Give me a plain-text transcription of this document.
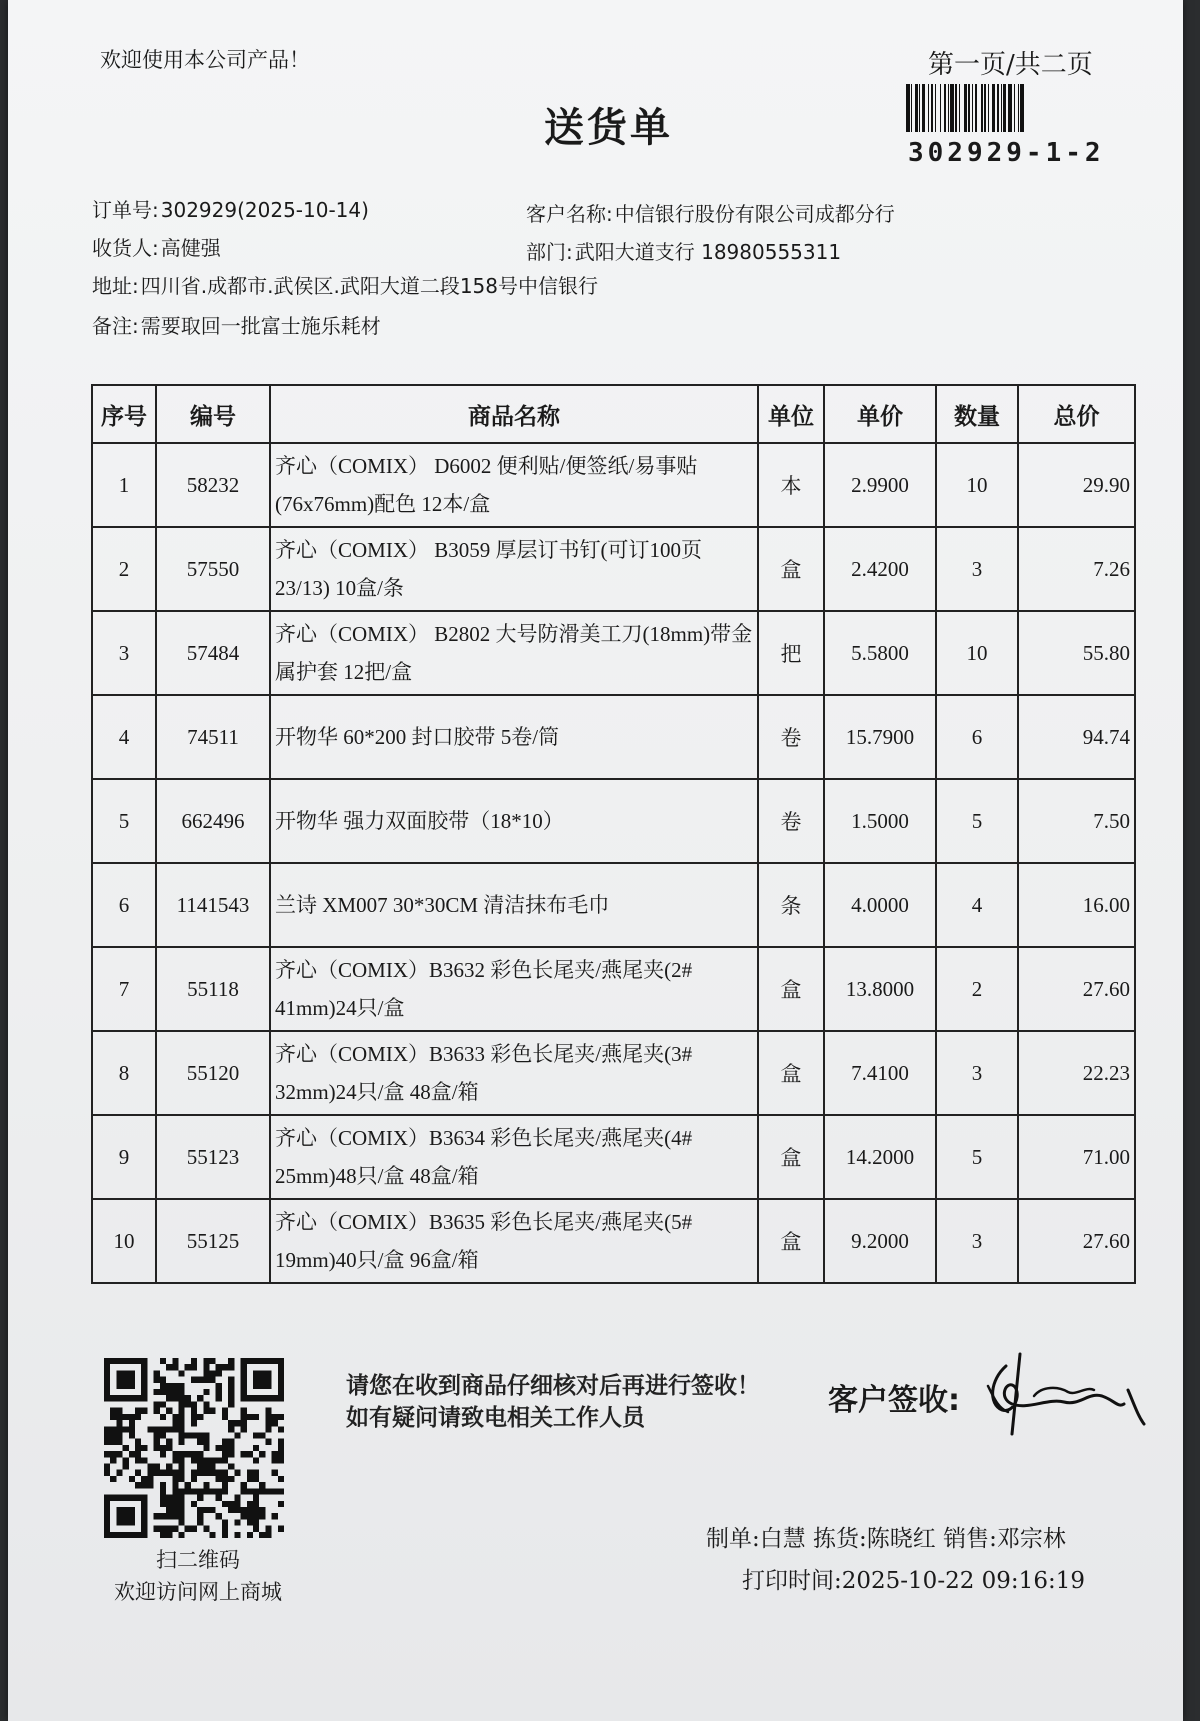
欢迎使用本公司产品！	第一页/共二页
送货单
302929-1-2
订单号: 302929(2025-10-14)
收货人: 高健强
地址: 四川省.成都市.武侯区.武阳大道二段158号中信银行
备注: 需要取回一批富士施乐耗材
客户名称: 中信银行股份有限公司成都分行
部门: 武阳大道支行 18980555311
序号	编号	商品名称	单位	单价	数量	总价
1	58232	齐心（COMIX） D6002 便利贴/便签纸/易事贴(76x76mm)配色 12本/盒	本	2.9900	10	29.90
2	57550	齐心（COMIX） B3059 厚层订书钉(可订100页23/13) 10盒/条	盒	2.4200	3	7.26
3	57484	齐心（COMIX） B2802 大号防滑美工刀(18mm)带金属护套 12把/盒	把	5.5800	10	55.80
4	74511	开物华 60*200 封口胶带 5卷/筒	卷	15.7900	6	94.74
5	662496	开物华 强力双面胶带（18*10）	卷	1.5000	5	7.50
6	1141543	兰诗 XM007 30*30CM 清洁抹布毛巾	条	4.0000	4	16.00
7	55118	齐心（COMIX）B3632 彩色长尾夹/燕尾夹(2# 41mm)24只/盒	盒	13.8000	2	27.60
8	55120	齐心（COMIX）B3633 彩色长尾夹/燕尾夹(3# 32mm)24只/盒 48盒/箱	盒	7.4100	3	22.23
9	55123	齐心（COMIX）B3634 彩色长尾夹/燕尾夹(4# 25mm)48只/盒 48盒/箱	盒	14.2000	5	71.00
10	55125	齐心（COMIX）B3635 彩色长尾夹/燕尾夹(5# 19mm)40只/盒 96盒/箱	盒	9.2000	3	27.60
扫二维码
欢迎访问网上商城
请您在收到商品仔细核对后再进行签收！如有疑问请致电相关工作人员	客户签收:
制单:白慧 拣货:陈晓红 销售:邓宗林
打印时间:2025-10-22 09:16:19
